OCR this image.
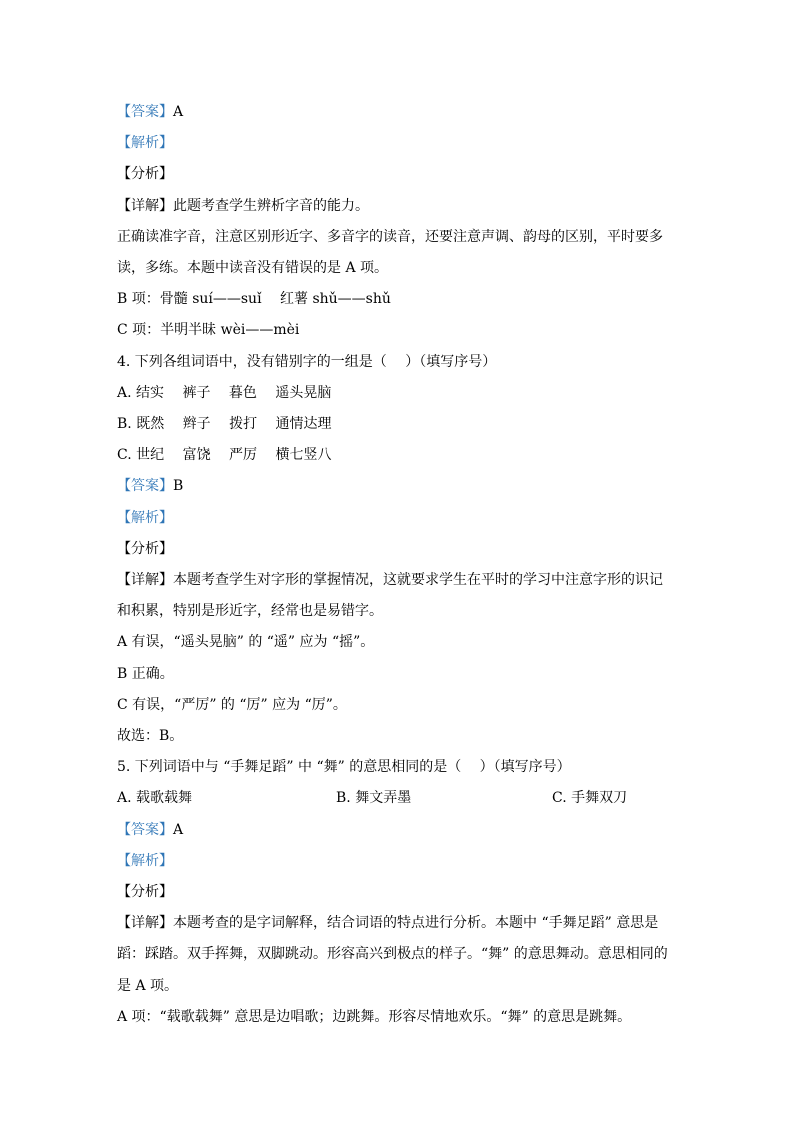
【答案】A
【解析】
【分析】
【详解】此题考查学生辨析字音的能力。
正确读准字音，注意区别形近字、多音字的读音，还要注意声调、韵母的区别，平时要多
读，多练。本题中读音没有错误的是 A 项。
B 项：骨髓 suí——suǐ　 红薯 shǔ——shǔ
C 项：半明半昧 wèi——mèi
4. 下列各组词语中，没有错别字的一组是（　 ）（填写序号）
A. 结实　 裤子　 暮色　 遥头晃脑
B. 既然　 辫子　 拨打　 通情达理
C. 世纪　 富饶　 严厉　 横七竖八
【答案】B
【解析】
【分析】
【详解】本题考查学生对字形的掌握情况，这就要求学生在平时的学习中注意字形的识记
和积累，特别是形近字，经常也是易错字。
A 有误，“遥头晃脑” 的 “遥” 应为 “摇”。
B 正确。
C 有误，“严厉” 的 “厉” 应为 “厉”。
故选：B。
5. 下列词语中与 “手舞足蹈” 中 “舞” 的意思相同的是（　 ）（填写序号）
A. 载歌载舞	B. 舞文弄墨	C. 手舞双刀
【答案】A
【解析】
【分析】
【详解】本题考查的是字词解释，结合词语的特点进行分析。本题中 “手舞足蹈” 意思是
蹈：踩踏。双手挥舞，双脚跳动。形容高兴到极点的样子。“舞” 的意思舞动。意思相同的
是 A 项。
A 项：“载歌载舞” 意思是边唱歌；边跳舞。形容尽情地欢乐。“舞” 的意思是跳舞。
